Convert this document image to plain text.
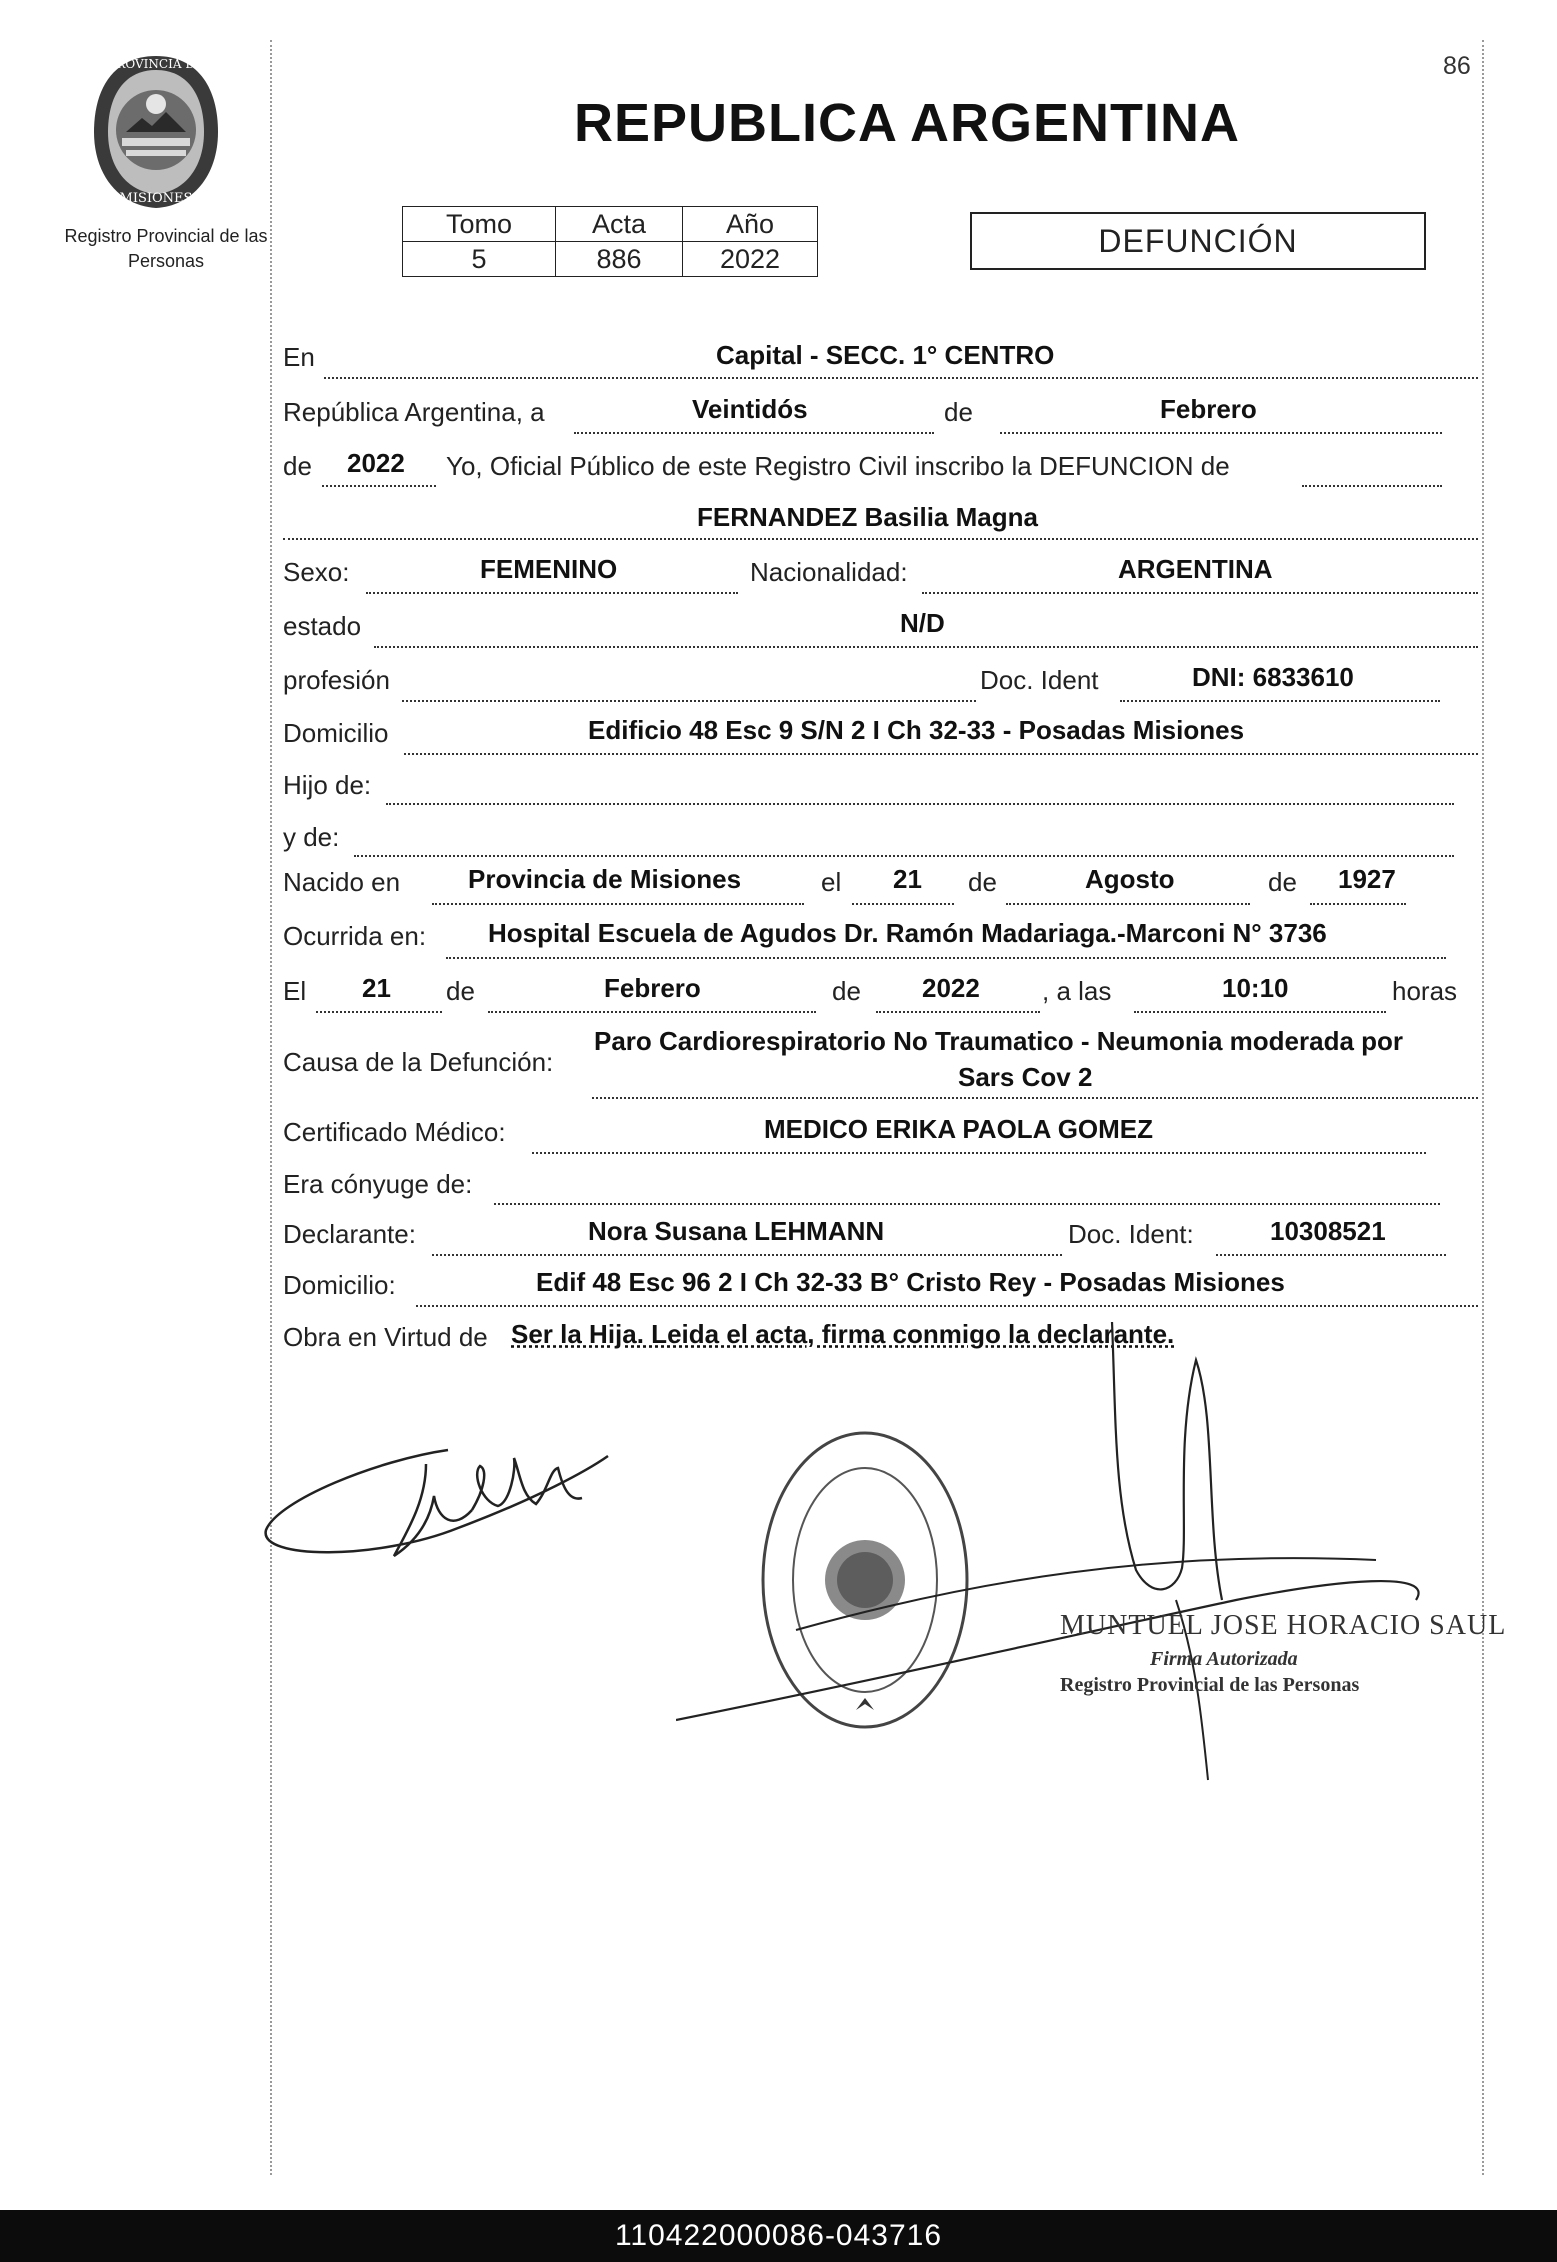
86
PROVINCIA DE
MISIONES
Registro Provincial de las Personas
REPUBLICA ARGENTINA
Tomo	Acta	Año
5	886	2022	DEFUNCIÓN
En	Capital - SECC. 1° CENTRO
República Argentina, a	Veintidós	de	Febrero
de 2022 Yo, Oficial Público de este Registro Civil inscribo la DEFUNCION de
FERNANDEZ Basilia Magna
Sexo:	FEMENINO	Nacionalidad:	ARGENTINA
estado	N/D
profesión	Doc. Ident	DNI: 6833610
Domicilio	Edificio 48 Esc 9 S/N 2 I Ch 32-33 - Posadas Misiones
Hijo de:
y de:
Nacido en	Provincia de Misiones	el 21 de	Agosto	de 1927
Ocurrida en: Hospital Escuela de Agudos Dr. Ramón Madariaga.-Marconi N° 3736
El 21 de	Febrero	de 2022 , a las	10:10	horas
Causa de la Defunción:
Paro Cardiorespiratorio No Traumatico - Neumonia moderada por
Sars Cov 2
Certificado Médico:	MEDICO ERIKA PAOLA GOMEZ
Era cónyuge de:
Declarante:	Nora Susana LEHMANN	Doc. Ident:	10308521
Domicilio:	Edif 48 Esc 96 2 I Ch 32-33 B° Cristo Rey - Posadas Misiones
Obra en Virtud de Ser la Hija. Leida el acta, firma conmigo la declarante.
MUNTUEL JOSE HORACIO SAUL
Firma Autorizada
Registro Provincial de las Personas
110422000086-043716
